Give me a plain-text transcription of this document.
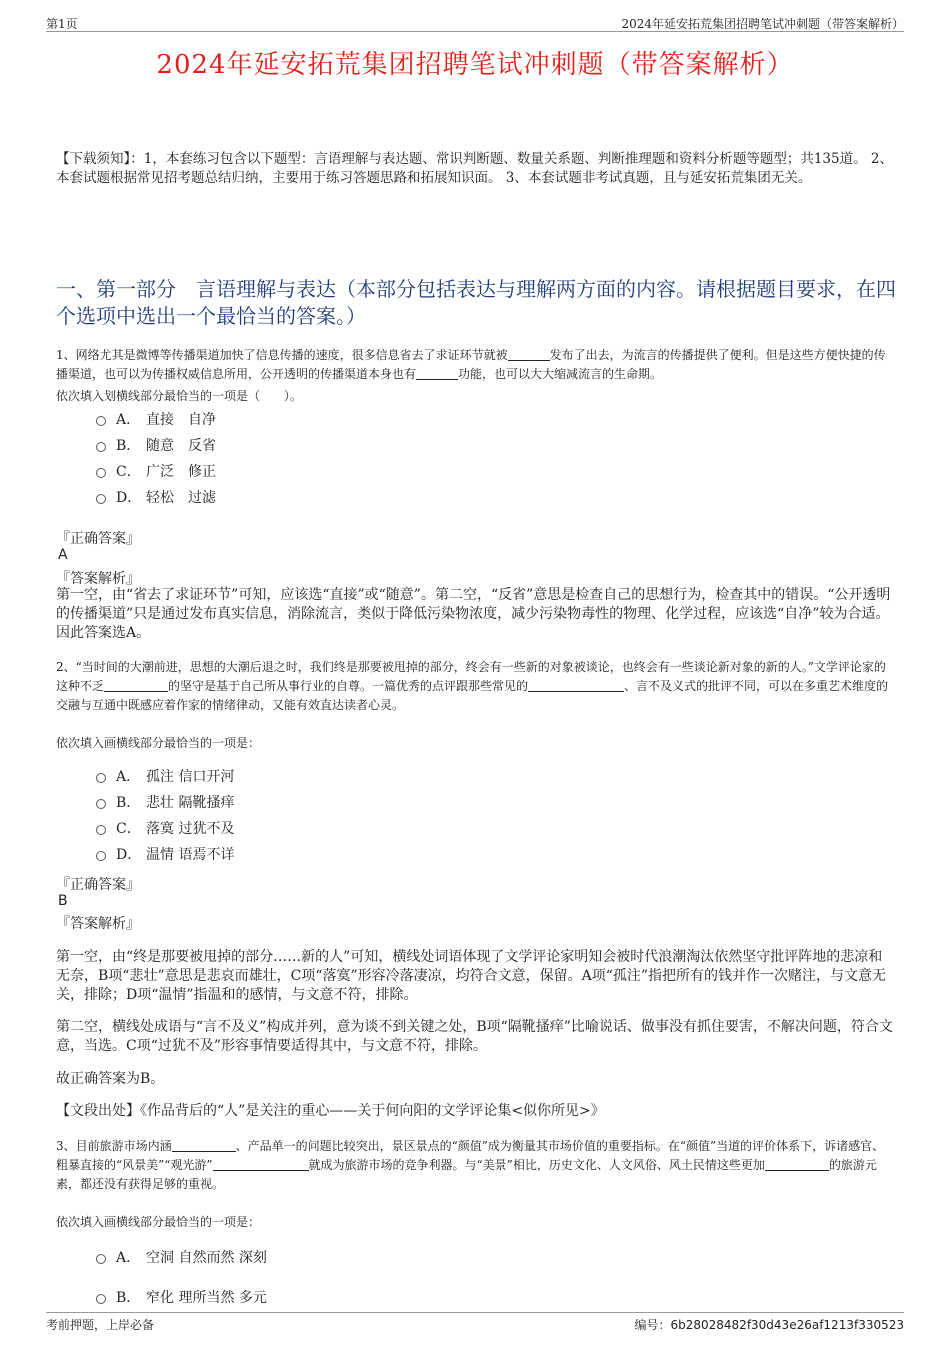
第1页	2024年延安拓荒集团招聘笔试冲刺题（带答案解析）
2024年延安拓荒集团招聘笔试冲刺题（带答案解析）
【下载须知】：1，本套练习包含以下题型：言语理解与表达题、常识判断题、数量关系题、判断推理题和资料分析题等题型；共135道。 2、本套试题根据常见招考题总结归纳，主要用于练习答题思路和拓展知识面。 3、本套试题非考试真题，且与延安拓荒集团无关。
一、第一部分　言语理解与表达（本部分包括表达与理解两方面的内容。请根据题目要求，在四个选项中选出一个最恰当的答案。）
1、网络尤其是微博等传播渠道加快了信息传播的速度，很多信息省去了求证环节就被	发布了出去，为流言的传播提供了便利。但是这些方便快捷的传播渠道，也可以为传播权威信息所用，公开透明的传播渠道本身也有	功能，也可以大大缩减流言的生命期。
依次填入划横线部分最恰当的一项是（　　）。
A． 直接　自净
B． 随意　反省
C． 广泛　修正
D． 轻松　过滤
『正确答案』
A
『答案解析』
第一空，由“省去了求证环节”可知，应该选“直接”或“随意”。第二空，“反省”意思是检查自己的思想行为，检查其中的错误。“公开透明的传播渠道”只是通过发布真实信息，消除流言，类似于降低污染物浓度，减少污染物毒性的物理、化学过程，应该选“自净”较为合适。因此答案选A。
2、“当时间的大潮前进，思想的大潮后退之时，我们终是那要被甩掉的部分，终会有一些新的对象被谈论，也终会有一些谈论新对象的新的人。”文学评论家的这种不乏	的坚守是基于自己所从事行业的自尊。一篇优秀的点评跟那些常见的	、言不及义式的批评不同，可以在多重艺术维度的交融与互通中既感应着作家的情绪律动，又能有效直达读者心灵。
依次填入画横线部分最恰当的一项是：
A． 孤注 信口开河
B． 悲壮 隔靴搔痒
C． 落寞 过犹不及
D． 温情 语焉不详
『正确答案』
B
『答案解析』
第一空，由“终是那要被甩掉的部分……新的人”可知，横线处词语体现了文学评论家明知会被时代浪潮淘汰依然坚守批评阵地的悲凉和无奈，B项“悲壮”意思是悲哀而雄壮，C项“落寞”形容冷落凄凉，均符合文意，保留。A项“孤注”指把所有的钱并作一次赌注，与文意无关，排除；D项“温情”指温和的感情，与文意不符，排除。
第二空，横线处成语与“言不及义”构成并列，意为谈不到关键之处，B项“隔靴搔痒”比喻说话、做事没有抓住要害，不解决问题，符合文意，当选。C项“过犹不及”形容事情要适得其中，与文意不符，排除。
故正确答案为B。
【文段出处】《作品背后的“人”是关注的重心——关于何向阳的文学评论集<似你所见>》
3、目前旅游市场内涵	、产品单一的问题比较突出，景区景点的“颜值”成为衡量其市场价值的重要指标。在“颜值”当道的评价体系下，诉诸感官、粗暴直接的“风景美”“观光游”	就成为旅游市场的竞争利器。与“美景”相比，历史文化、人文风俗、风土民情这些更加	的旅游元素，都还没有获得足够的重视。
依次填入画横线部分最恰当的一项是：
A． 空洞 自然而然 深刻
B． 窄化 理所当然 多元
考前押题，上岸必备	编号：6b28028482f30d43e26af1213f330523
